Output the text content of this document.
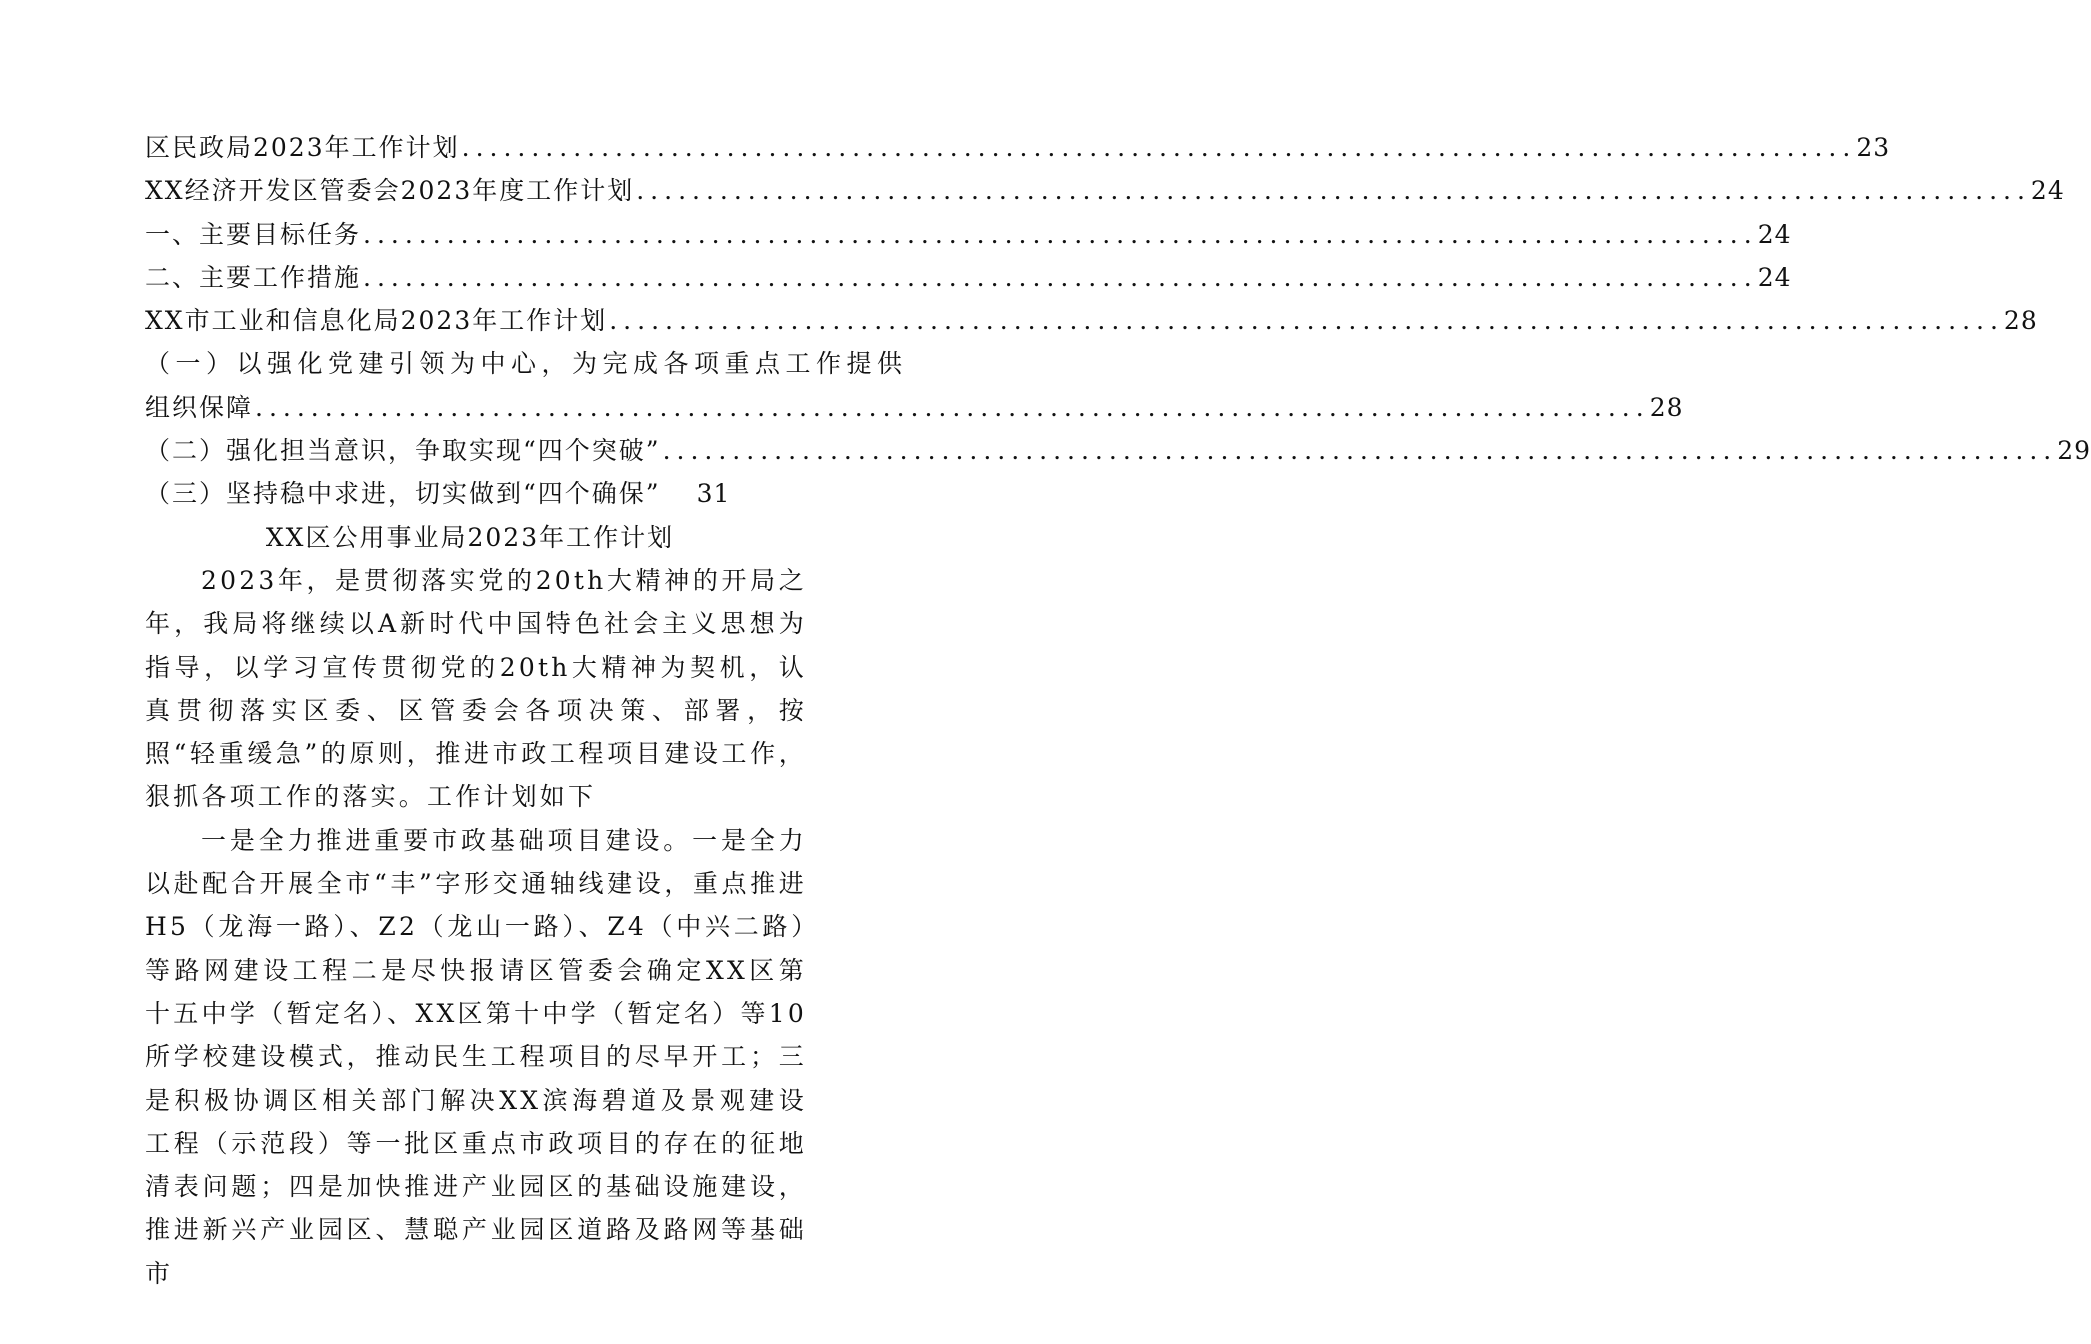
区民政局2023年工作计划 .....	23
XX经济开发区管委会2023年度工作计划 .....	24
一、主要目标任务 .....	24
二、主要工作措施 .....	24
XX市工业和信息化局2023年工作计划 .....	28
（一）以强化党建引领为中心，为完成各项重点工作提供
组织保障 .....	28
（二）强化担当意识，争取实现“四个突破” .....	29
（三）坚持稳中求进，切实做到“四个确保” 31
XX区公用事业局2023年工作计划

2023年，是贯彻落实党的20th大精神的开局之年，我局将继续以A新时代中国特色社会主义思想为指导，以学习宣传贯彻党的20th大精神为契机，认真贯彻落实区委、区管委会各项决策、部署，按照“轻重缓急”的原则，推进市政工程项目建设工作，狠抓各项工作的落实。工作计划如下

一是全力推进重要市政基础项目建设。一是全力以赴配合开展全市“丰”字形交通轴线建设，重点推进H5（龙海一路）、Z2（龙山一路）、Z4（中兴二路）等路网建设工程二是尽快报请区管委会确定XX区第十五中学（暂定名）、XX区第十中学（暂定名）等10所学校建设模式，推动民生工程项目的尽早开工；三是积极协调区相关部门解决XX滨海碧道及景观建设工程（示范段）等一批区重点市政项目的存在的征地清表问题；四是加快推进产业园区的基础设施建设，推进新兴产业园区、慧聪产业园区道路及路网等基础市
